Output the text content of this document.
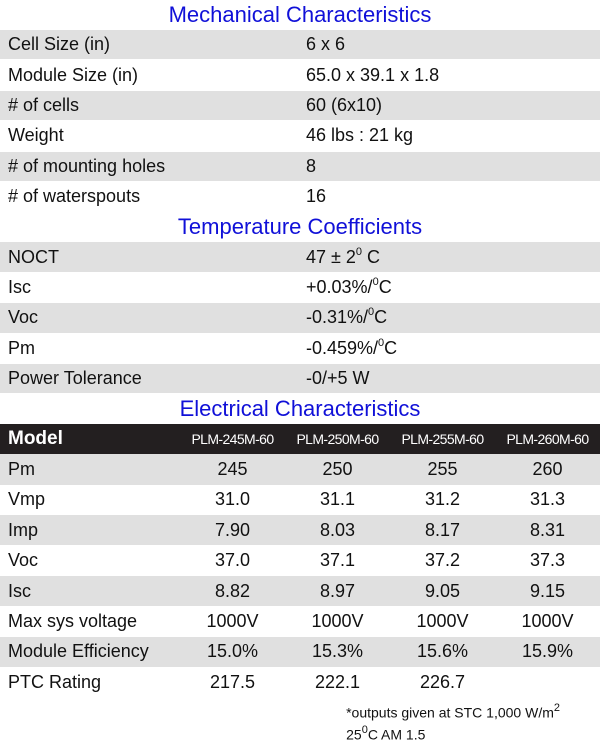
Mechanical Characteristics
Cell Size (in)	6 x 6
Module Size (in)	65.0 x 39.1 x 1.8
# of cells	60 (6x10)
Weight	46 lbs : 21 kg
# of mounting holes	8
# of waterspouts	16
Temperature Coefficients
NOCT	$47 \pm 2^0$ C
Isc	+0.03%/$^0$C
Voc	-0.31%/$^0$C
Pm	-0.459%/$^0$C
Power Tolerance	-0/+5 W
Electrical Characteristics
Model	PLM-245M-60	PLM-250M-60	PLM-255M-60	PLM-260M-60
Pm	245	250	255	260
Vmp	31.0	31.1	31.2	31.3
Imp	7.90	8.03	8.17	8.31
Voc	37.0	37.1	37.2	37.3
Isc	8.82	8.97	9.05	9.15
Max sys voltage	1000V	1000V	1000V	1000V
Module Efficiency	15.0%	15.3%	15.6%	15.9%
PTC Rating	217.5	222.1	226.7
*outputs given at STC 1,000 $W/m^2$
$25^0C$ AM 1.5
